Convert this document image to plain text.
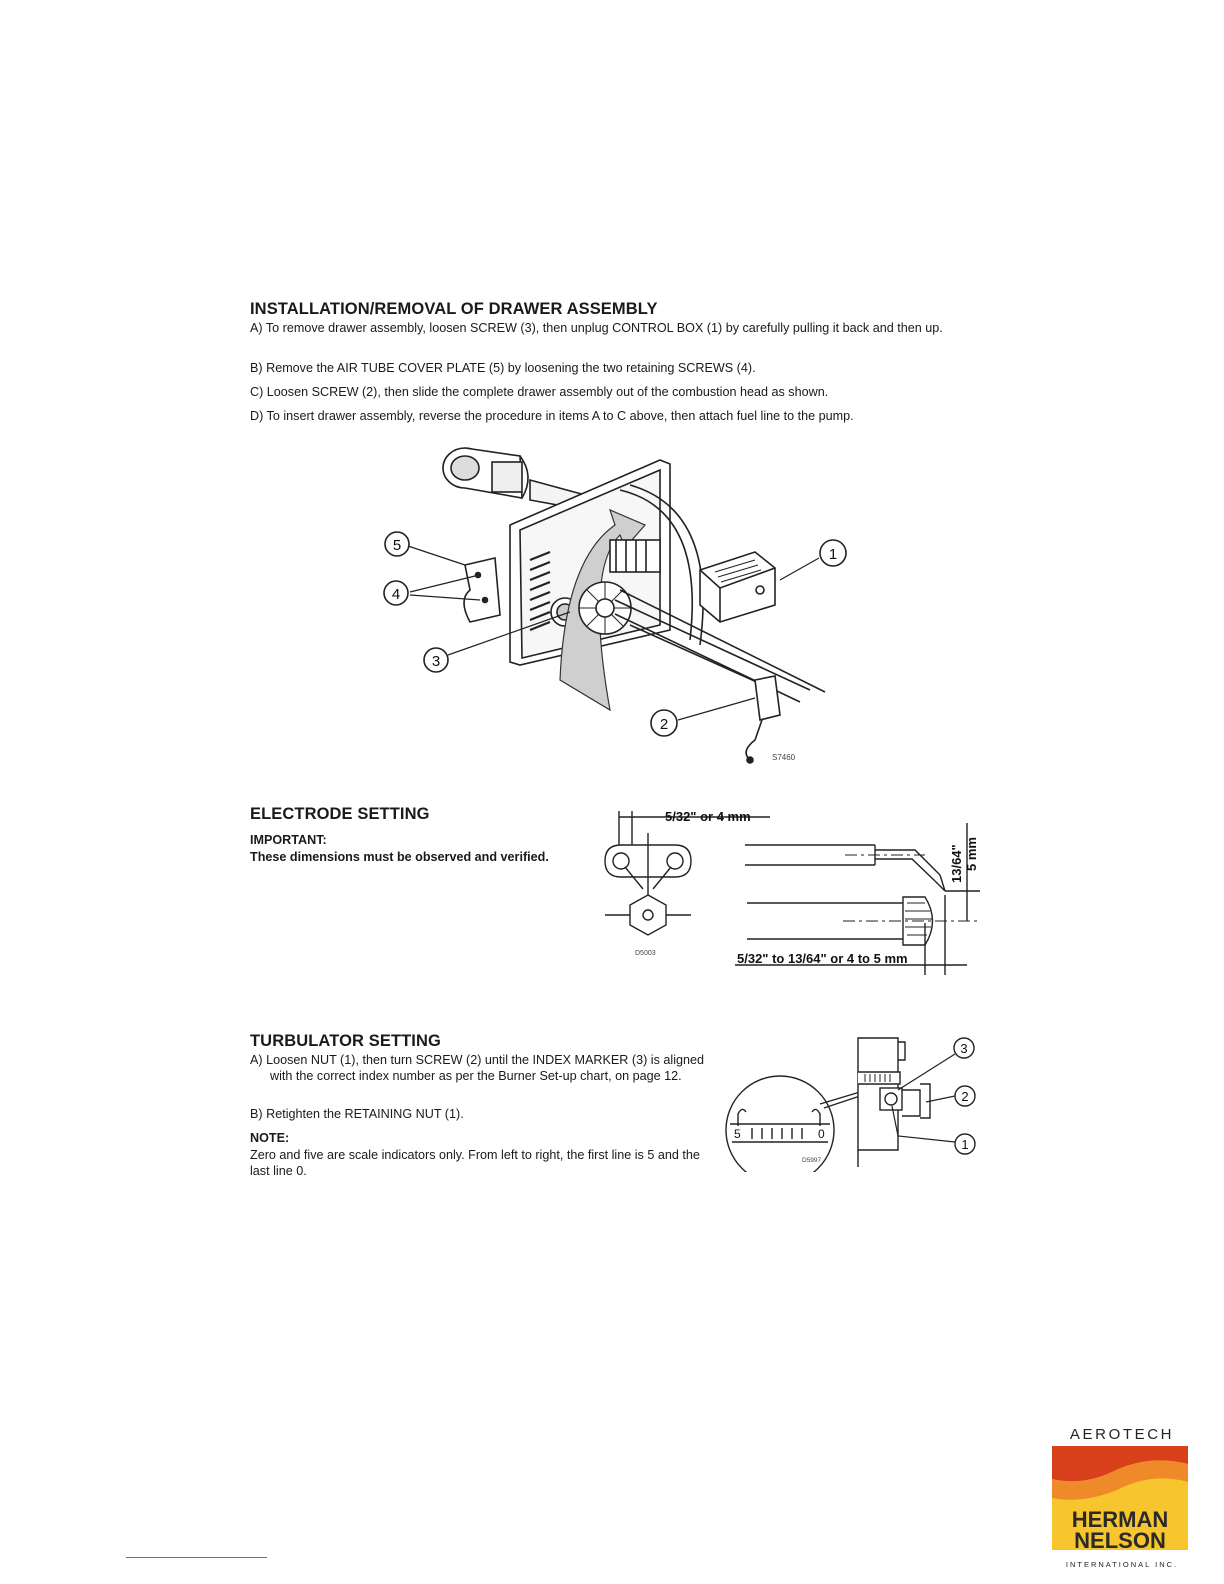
INSTALLATION/REMOVAL OF DRAWER ASSEMBLY

A) To remove drawer assembly, loosen SCREW (3), then unplug CONTROL BOX (1) by carefully pulling it back and then up.

B) Remove the AIR TUBE COVER PLATE (5) by loosening the two retaining SCREWS (4).

C) Loosen SCREW (2), then slide the complete drawer assembly out of the combustion head as shown.

D) To insert drawer assembly, reverse the procedure in items A to C above, then attach fuel line to the pump.

5
4
3
1
2
S7460
ELECTRODE SETTING

IMPORTANT:

These dimensions must be observed and verified.

D5003
5/32" or 4 mm
13/64" 5 mm
5/32" to 13/64" or 4 to 5 mm
TURBULATOR SETTING

A) Loosen NUT (1), then turn SCREW (2) until the INDEX MARKER (3) is aligned with the correct index number as per the Burner Set-up chart, on page 12.

B) Retighten the RETAINING NUT (1).

NOTE:

Zero and five are scale indicators only. From left to right, the first line is 5 and the last line 0.

5	0
D5997
3
2
1
AEROTECH
HERMAN
NELSON
INTERNATIONAL INC.
